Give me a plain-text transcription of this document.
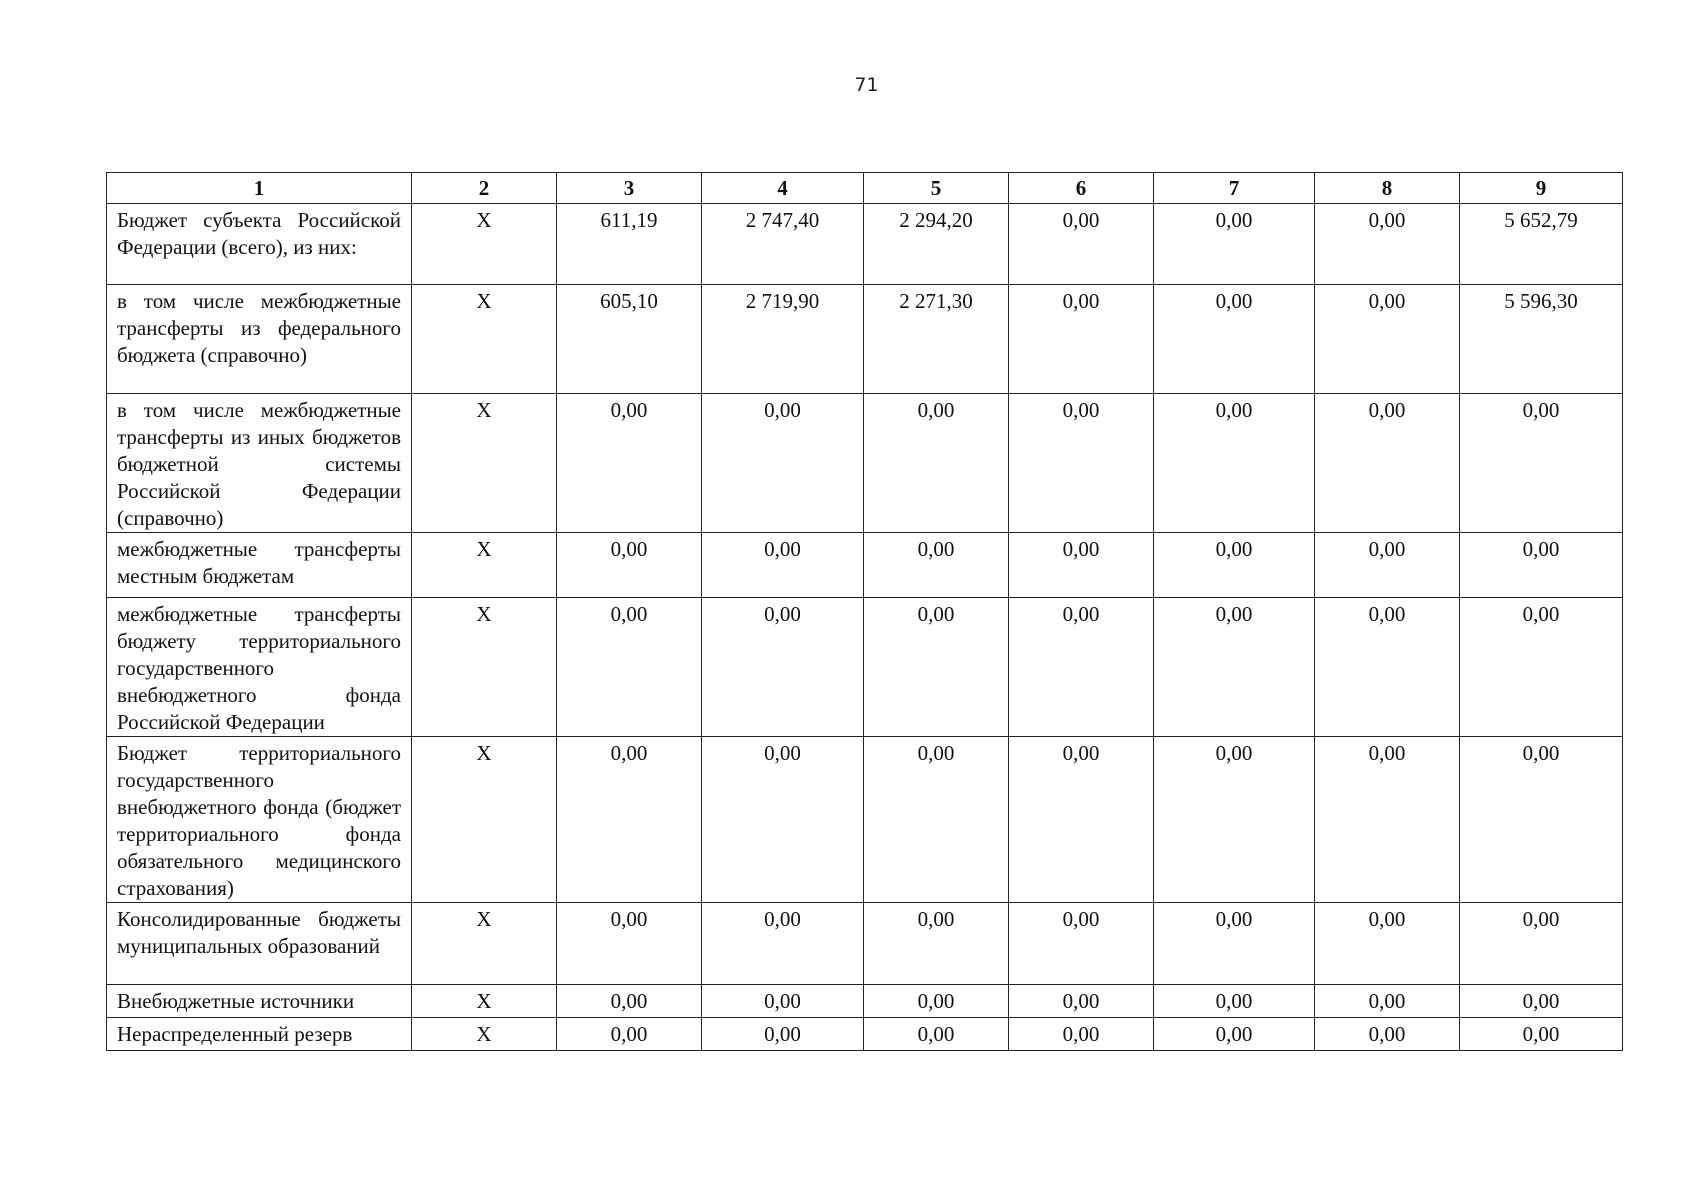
71
1	2	3	4	5	6	7	8	9
Бюджет субъекта Российской Федерации (всего), из них:	X	611,19	2 747,40	2 294,20	0,00	0,00	0,00	5 652,79
в том числе межбюджетные трансферты из федерального бюджета (справочно)	X	605,10	2 719,90	2 271,30	0,00	0,00	0,00	5 596,30
в том числе межбюджетные трансферты из иных бюджетов бюджетной системы Российской Федерации (справочно)	X	0,00	0,00	0,00	0,00	0,00	0,00	0,00
межбюджетные трансферты местным бюджетам	X	0,00	0,00	0,00	0,00	0,00	0,00	0,00
межбюджетные трансферты бюджету территориального государственного внебюджетного фонда Российской Федерации	X	0,00	0,00	0,00	0,00	0,00	0,00	0,00
Бюджет территориального государственного внебюджетного фонда (бюджет территориального фонда обязательного медицинского страхования)	X	0,00	0,00	0,00	0,00	0,00	0,00	0,00
Консолидированные бюджеты муниципальных образований	X	0,00	0,00	0,00	0,00	0,00	0,00	0,00
Внебюджетные источники	X	0,00	0,00	0,00	0,00	0,00	0,00	0,00
Нераспределенный резерв	X	0,00	0,00	0,00	0,00	0,00	0,00	0,00
